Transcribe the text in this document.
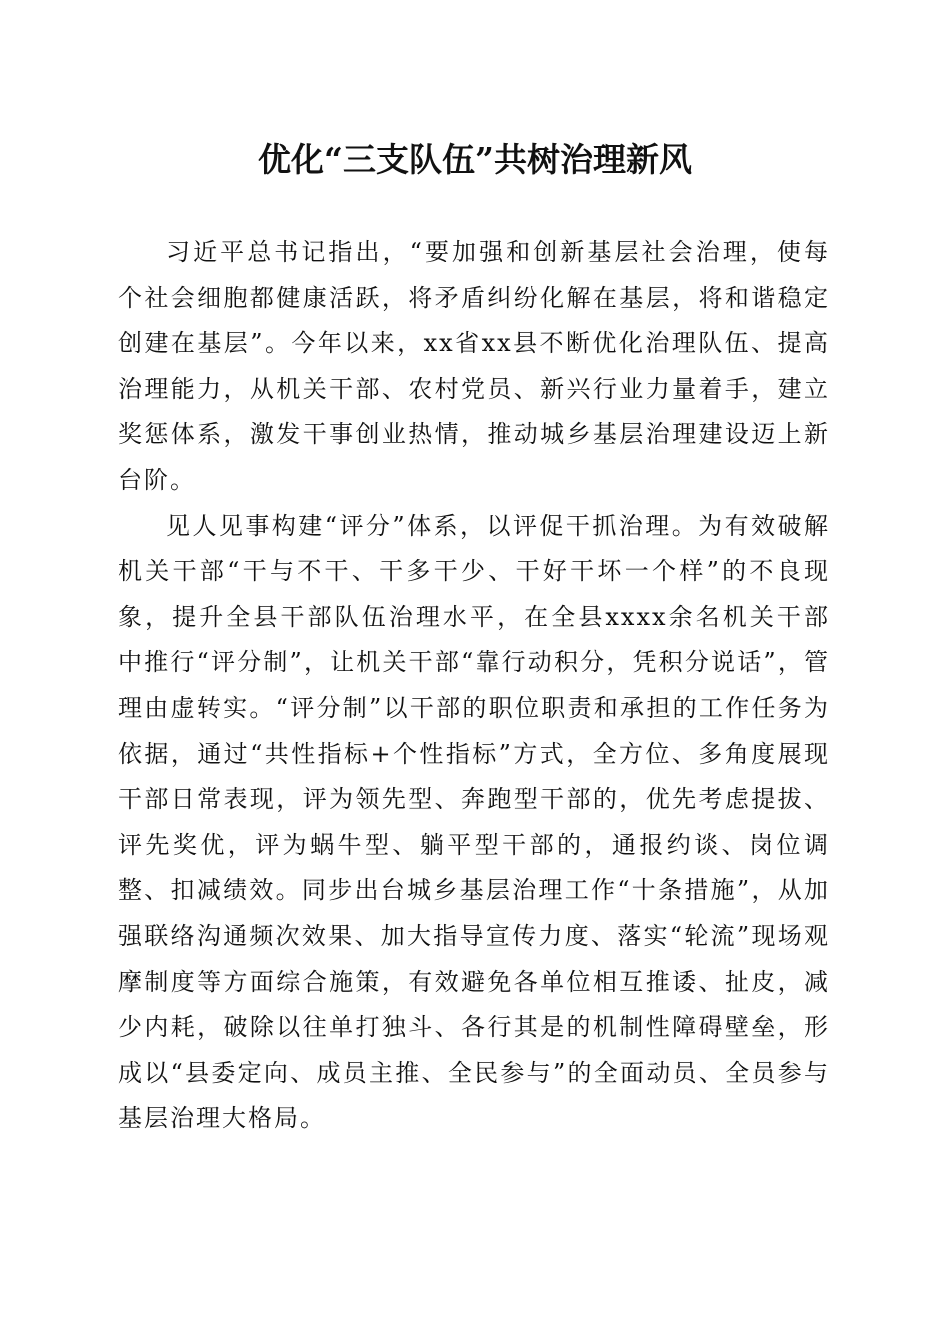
优化“三支队伍”共树治理新风

习近平总书记指出，“要加强和创新基层社会治理，使每个社会细胞都健康活跃，将矛盾纠纷化解在基层，将和谐稳定创建在基层”。今年以来，xx省xx县不断优化治理队伍、提高治理能力，从机关干部、农村党员、新兴行业力量着手，建立奖惩体系，激发干事创业热情，推动城乡基层治理建设迈上新台阶。

见人见事构建“评分”体系，以评促干抓治理。为有效破解机关干部“干与不干、干多干少、干好干坏一个样”的不良现象，提升全县干部队伍治理水平，在全县xxxx余名机关干部中推行“评分制”，让机关干部“靠行动积分，凭积分说话”，管理由虚转实。“评分制”以干部的职位职责和承担的工作任务为依据，通过“共性指标+个性指标”方式，全方位、多角度展现干部日常表现，评为领先型、奔跑型干部的，优先考虑提拔、评先奖优，评为蜗牛型、躺平型干部的，通报约谈、岗位调整、扣减绩效。同步出台城乡基层治理工作“十条措施”，从加强联络沟通频次效果、加大指导宣传力度、落实“轮流”现场观摩制度等方面综合施策，有效避免各单位相互推诿、扯皮，减少内耗，破除以往单打独斗、各行其是的机制性障碍壁垒，形成以“县委定向、成员主推、全民参与”的全面动员、全员参与基层治理大格局。
